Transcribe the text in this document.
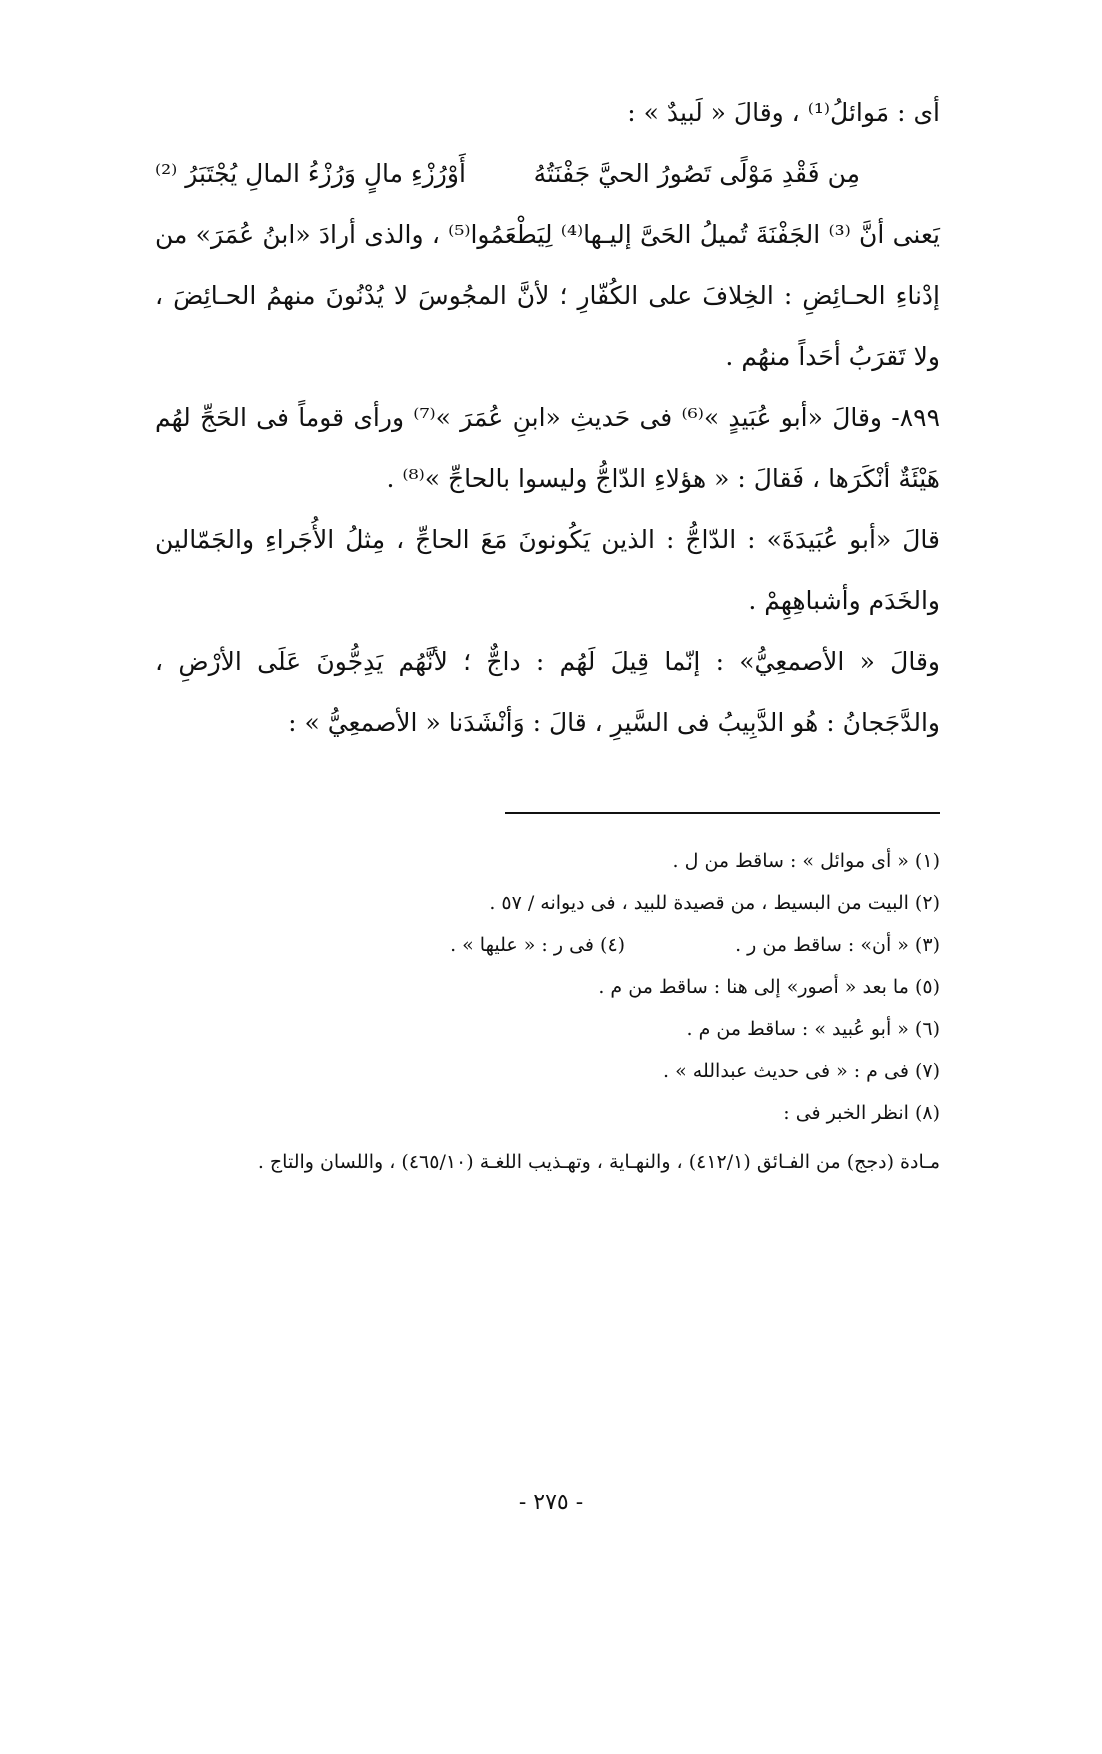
أى : مَوائلُ⁽¹⁾ ، وقالَ « لَبيدٌ » :

مِن فَقْدِ مَوْلًى تَصُورُ الحيَّ جَفْنَتُهُ
أَوْرُزْءِ مالٍ وَرُزْءُ المالِ يُجْتَبَرُ ⁽²⁾

يَعنى أنَّ ⁽³⁾ الجَفْنَةَ تُميلُ الحَىَّ إليـها⁽⁴⁾ لِيَطْعَمُوا⁽⁵⁾ ، والذى أرادَ «ابنُ عُمَرَ» من إدْناءِ الحـائِضِ : الخِلافَ على الكُفّارِ ؛ لأنَّ المجُوسَ لا يُدْنُونَ منهمُ الحـائِضَ ، ولا تَقرَبُ أحَداً منهُم .

٨٩٩- وقالَ «أبو عُبَيدٍ »⁽⁶⁾ فى حَديثِ «ابنِ عُمَرَ »⁽⁷⁾ ورأى قوماً فى الحَجِّ لهُم هَيْئَةٌ أنْكَرَها ، فَقالَ : « هؤلاءِ الدّاجُّ وليسوا بالحاجِّ »⁽⁸⁾ .

قالَ «أبو عُبَيدَةَ» : الدّاجُّ : الذين يَكُونونَ مَعَ الحاجِّ ، مِثلُ الأُجَراءِ والجَمّالين والخَدَم وأشباهِهِمْ .

وقالَ « الأصمعِيُّ» : إنّما قِيلَ لَهُم : داجٌّ ؛ لأنَّهُم يَدِجُّونَ عَلَى الأرْضِ ، والدَّجَجانُ : هُو الدَّبِيبُ فى السَّيرِ ، قالَ : وَأنْشَدَنا « الأصمعِيُّ » :

(١) « أى موائل » : ساقط من ل .
(٢) البيت من البسيط ، من قصيدة للبيد ، فى ديوانه / ٥٧ .
(٣) « أن» : ساقط من ر .
(٤) فى ر : « عليها » .
(٥) ما بعد « أصور» إلى هنا : ساقط من م .
(٦) « أبو عُبيد » : ساقط من م .
(٧) فى م : « فى حديث عبدالله » .
(٨) انظر الخبر فى :
مـادة (دجج) من الفـائق (٤١٢/١) ، والنهـاية ، وتهـذيب اللغـة (٤٦٥/١٠) ، واللسان والتاج .
- ٢٧٥ -
